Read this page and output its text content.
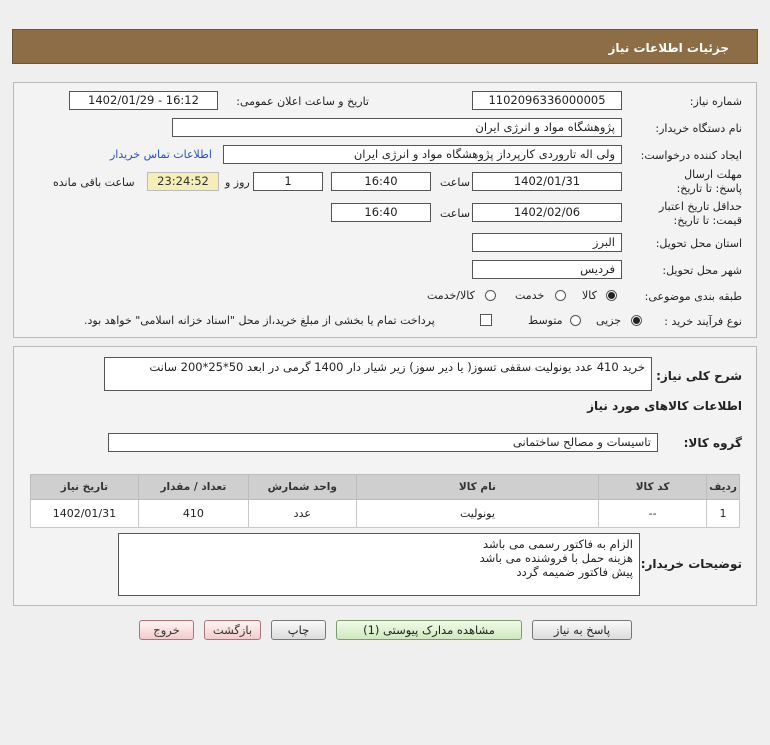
جزئیات اطلاعات نیاز
شماره نیاز:
1102096336000005
تاریخ و ساعت اعلان عمومی:
1402/01/29 - 16:12
نام دستگاه خریدار:
پژوهشگاه مواد و انرژی ایران
ایجاد کننده درخواست:
ولی اله تاروردی کارپرداز پژوهشگاه مواد و انرژی ایران
اطلاعات تماس خریدار
مهلت ارسال پاسخ: تا تاریخ:
1402/01/31
ساعت
16:40
1
روز و
23:24:52
ساعت باقی مانده
حداقل تاریخ اعتبار قیمت: تا تاریخ:
1402/02/06
ساعت
16:40
استان محل تحویل:
البرز
شهر محل تحویل:
فردیس
طبقه بندی موضوعی:
کالا
خدمت
کالا/خدمت
نوع فرآیند خرید :
جزیی
متوسط
پرداخت تمام یا بخشی از مبلغ خرید،از محل "اسناد خزانه اسلامی" خواهد بود.
شرح کلی نیاز:
خرید 410 عدد یونولیت سقفی تسوز( یا دیر سوز) زیر شیار دار 1400 گرمی در ابعد 50*25*200 سانت
اطلاعات کالاهای مورد نیاز
گروه کالا:
تاسیسات و مصالح ساختمانی
ردیف	کد کالا	نام کالا	واحد شمارش	تعداد / مقدار	تاریخ نیاز
1	--	یونولیت	عدد	410	1402/01/31
توضیحات خریدار:
الزام به فاکتور رسمی می باشد
هزینه حمل با فروشنده می باشد
پیش فاکتور ضمیمه گردد
پاسخ به نیاز
مشاهده مدارک پیوستی (1)
چاپ
بازگشت
خروج
